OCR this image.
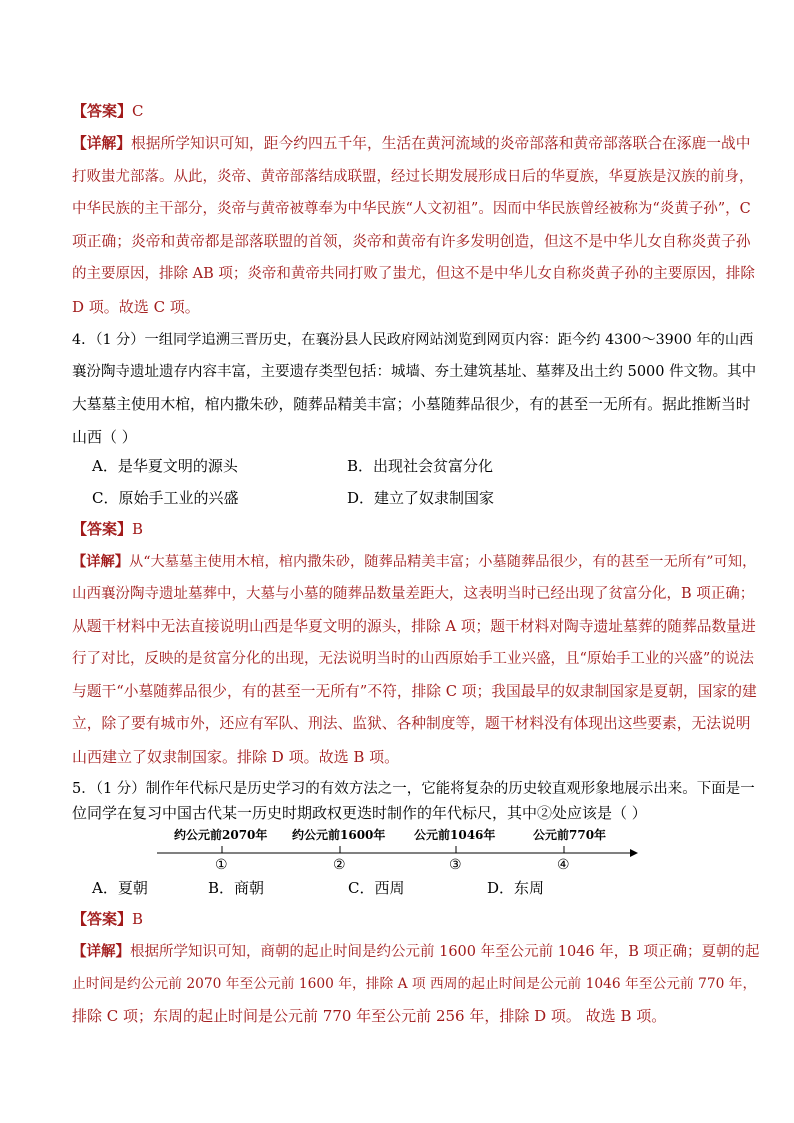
【答案】C
【详解】根据所学知识可知，距今约四五千年，生活在黄河流域的炎帝部落和黄帝部落联合在涿鹿一战中
打败蚩尤部落。从此，炎帝、黄帝部落结成联盟，经过长期发展形成日后的华夏族，华夏族是汉族的前身，
中华民族的主干部分，炎帝与黄帝被尊奉为中华民族“人文初祖”。因而中华民族曾经被称为“炎黄子孙”，C
项正确；炎帝和黄帝都是部落联盟的首领，炎帝和黄帝有许多发明创造，但这不是中华儿女自称炎黄子孙
的主要原因，排除 AB 项；炎帝和黄帝共同打败了蚩尤，但这不是中华儿女自称炎黄子孙的主要原因，排除
D 项。故选 C 项。
4．（1 分）一组同学追溯三晋历史，在襄汾县人民政府网站浏览到网页内容：距今约 4300～3900 年的山西
襄汾陶寺遗址遗存内容丰富，主要遗存类型包括：城墙、夯土建筑基址、墓葬及出土约 5000 件文物。其中
大墓墓主使用木棺，棺内撒朱砂，随葬品精美丰富；小墓随葬品很少，有的甚至一无所有。据此推断当时
山西（ ）
A．是华夏文明的源头	B．出现社会贫富分化
C．原始手工业的兴盛	D．建立了奴隶制国家
【答案】B
【详解】从“大墓墓主使用木棺，棺内撒朱砂，随葬品精美丰富；小墓随葬品很少，有的甚至一无所有”可知，
山西襄汾陶寺遗址墓葬中，大墓与小墓的随葬品数量差距大，这表明当时已经出现了贫富分化，B 项正确；
从题干材料中无法直接说明山西是华夏文明的源头，排除 A 项；题干材料对陶寺遗址墓葬的随葬品数量进
行了对比，反映的是贫富分化的出现，无法说明当时的山西原始手工业兴盛，且“原始手工业的兴盛”的说法
与题干“小墓随葬品很少，有的甚至一无所有”不符，排除 C 项；我国最早的奴隶制国家是夏朝，国家的建
立，除了要有城市外，还应有军队、刑法、监狱、各种制度等，题干材料没有体现出这些要素，无法说明
山西建立了奴隶制国家。排除 D 项。故选 B 项。
5．（1 分）制作年代标尺是历史学习的有效方法之一，它能将复杂的历史较直观形象地展示出来。下面是一
位同学在复习中国古代某一历史时期政权更迭时制作的年代标尺，其中②处应该是（ ）
约公元前2070年 约公元前1600年 公元前1046年	公元前770年
①	②	③	④
A．夏朝	B．商朝	C．西周	D．东周
【答案】B
【详解】根据所学知识可知，商朝的起止时间是约公元前 1600 年至公元前 1046 年，B 项正确；夏朝的起
止时间是约公元前 2070 年至公元前 1600 年，排除 A 项 西周的起止时间是公元前 1046 年至公元前 770 年，
排除 C 项；东周的起止时间是公元前 770 年至公元前 256 年，排除 D 项。 故选 B 项。
